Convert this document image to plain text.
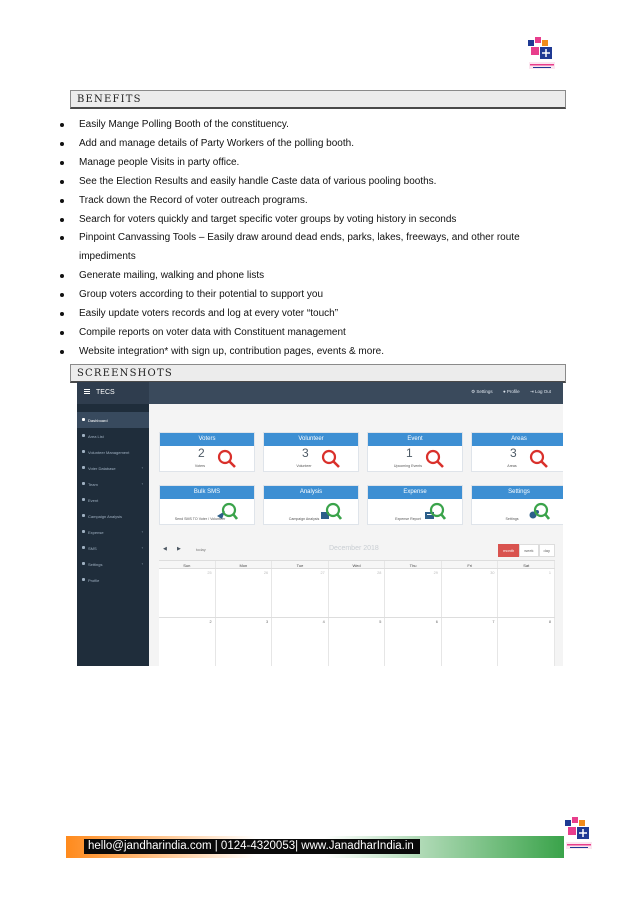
BENEFITS
Easily Mange Polling Booth of the constituency.
Add and manage details of Party Workers of the polling booth.
Manage people Visits in party office.
See the Election Results and easily handle Caste data of various pooling booths.
Track down the Record of voter outreach programs.
Search for voters quickly and target specific voter groups by voting history in seconds
Pinpoint Canvassing Tools – Easily draw around dead ends, parks, lakes, freeways, and other route impediments
Generate mailing, walking and phone lists
Group voters according to their potential to support you
Easily update voters records and log at every voter “touch”
Compile reports on voter data with Constituent management
Website integration* with sign up, contribution pages, events & more.
SCREENSHOTS
TECS	⚙ Settings ● Profile ⇥ Log Out
Dashboard
Area List
Volunteer Management
Voter Database	‹
Team	‹
Event
Campaign Analysis
Expense	‹
SMS	‹
Settings	‹
Profile
Voters
2
Voters
Volunteer
3
Volunteer
Event
1
Upcoming Events
Areas
3
Areas
Bulk SMS
Send SMS TO Voter / Volunteer
Analysis
Campaign Analysis
Expense
Expense Report
Settings
Settings
◀ ▶	today	December 2018	month	week	day
Sun	Mon	Tue	Wed	Thu	Fri	Sat
25	26	27	28	29	30	1
2	3	4	5	6	7	8
hello@jandharindia.com | 0124-4320053| www.JanadharIndia.in
